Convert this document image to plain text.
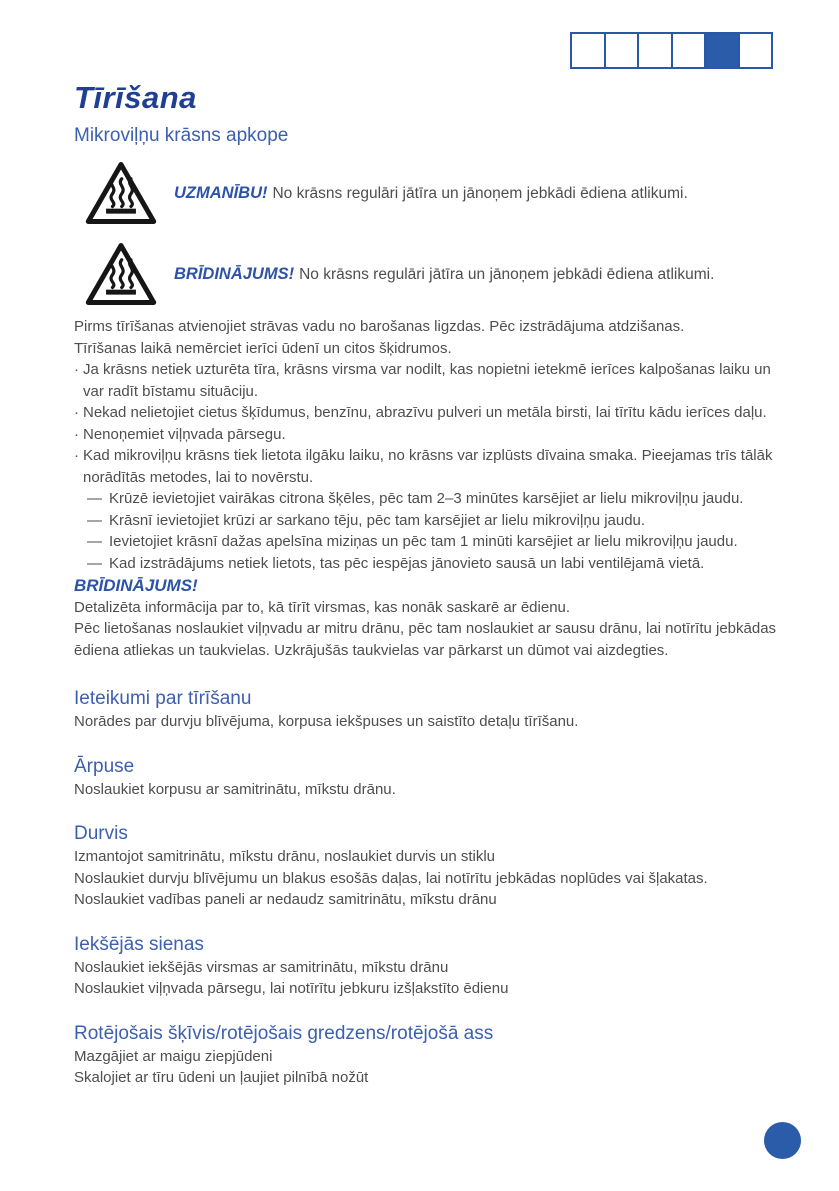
Tīrīšana
Mikroviļņu krāsns apkope
UZMANĪBU! No krāsns regulāri jātīra un jānoņem jebkādi ēdiena atlikumi.
BRĪDINĀJUMS! No krāsns regulāri jātīra un jānoņem jebkādi ēdiena atlikumi.
Pirms tīrīšanas atvienojiet strāvas vadu no barošanas ligzdas. Pēc izstrādājuma atdzišanas.
Tīrīšanas laikā nemērciet ierīci ūdenī un citos šķidrumos.
· Ja krāsns netiek uzturēta tīra, krāsns virsma var nodilt, kas nopietni ietekmē ierīces kalpošanas laiku un var radīt bīstamu situāciju.
· Nekad nelietojiet cietus šķīdumus, benzīnu, abrazīvu pulveri un metāla birsti, lai tīrītu kādu ierīces daļu.
· Nenoņemiet viļņvada pārsegu.
· Kad mikroviļņu krāsns tiek lietota ilgāku laiku, no krāsns var izplūsts dīvaina smaka. Pieejamas trīs tālāk norādītās metodes, lai to novērstu.
— Krūzē ievietojiet vairākas citrona šķēles, pēc tam 2–3 minūtes karsējiet ar lielu mikroviļņu jaudu.
— Krāsnī ievietojiet krūzi ar sarkano tēju, pēc tam karsējiet ar lielu mikroviļņu jaudu.
— Ievietojiet krāsnī dažas apelsīna miziņas un pēc tam 1 minūti karsējiet ar lielu mikroviļņu jaudu.
— Kad izstrādājums netiek lietots, tas pēc iespējas jānovieto sausā un labi ventilējamā vietā.
BRĪDINĀJUMS!
Detalizēta informācija par to, kā tīrīt virsmas, kas nonāk saskarē ar ēdienu.
Pēc lietošanas noslaukiet viļņvadu ar mitru drānu, pēc tam noslaukiet ar sausu drānu, lai notīrītu jebkādas ēdiena atliekas un taukvielas. Uzkrājušās taukvielas var pārkarst un dūmot vai aizdegties.
Ieteikumi par tīrīšanu
Norādes par durvju blīvējuma, korpusa iekšpuses un saistīto detaļu tīrīšanu.
Ārpuse
Noslaukiet korpusu ar samitrinātu, mīkstu drānu.
Durvis
Izmantojot samitrinātu, mīkstu drānu, noslaukiet durvis un stiklu
Noslaukiet durvju blīvējumu un blakus esošās daļas, lai notīrītu jebkādas noplūdes vai šļakatas.
Noslaukiet vadības paneli ar nedaudz samitrinātu, mīkstu drānu
Iekšējās sienas
Noslaukiet iekšējās virsmas ar samitrinātu, mīkstu drānu
Noslaukiet viļņvada pārsegu, lai notīrītu jebkuru izšļakstīto ēdienu
Rotējošais šķīvis/rotējošais gredzens/rotējošā ass
Mazgājiet ar maigu ziepjūdeni
Skalojiet ar tīru ūdeni un ļaujiet pilnībā nožūt
